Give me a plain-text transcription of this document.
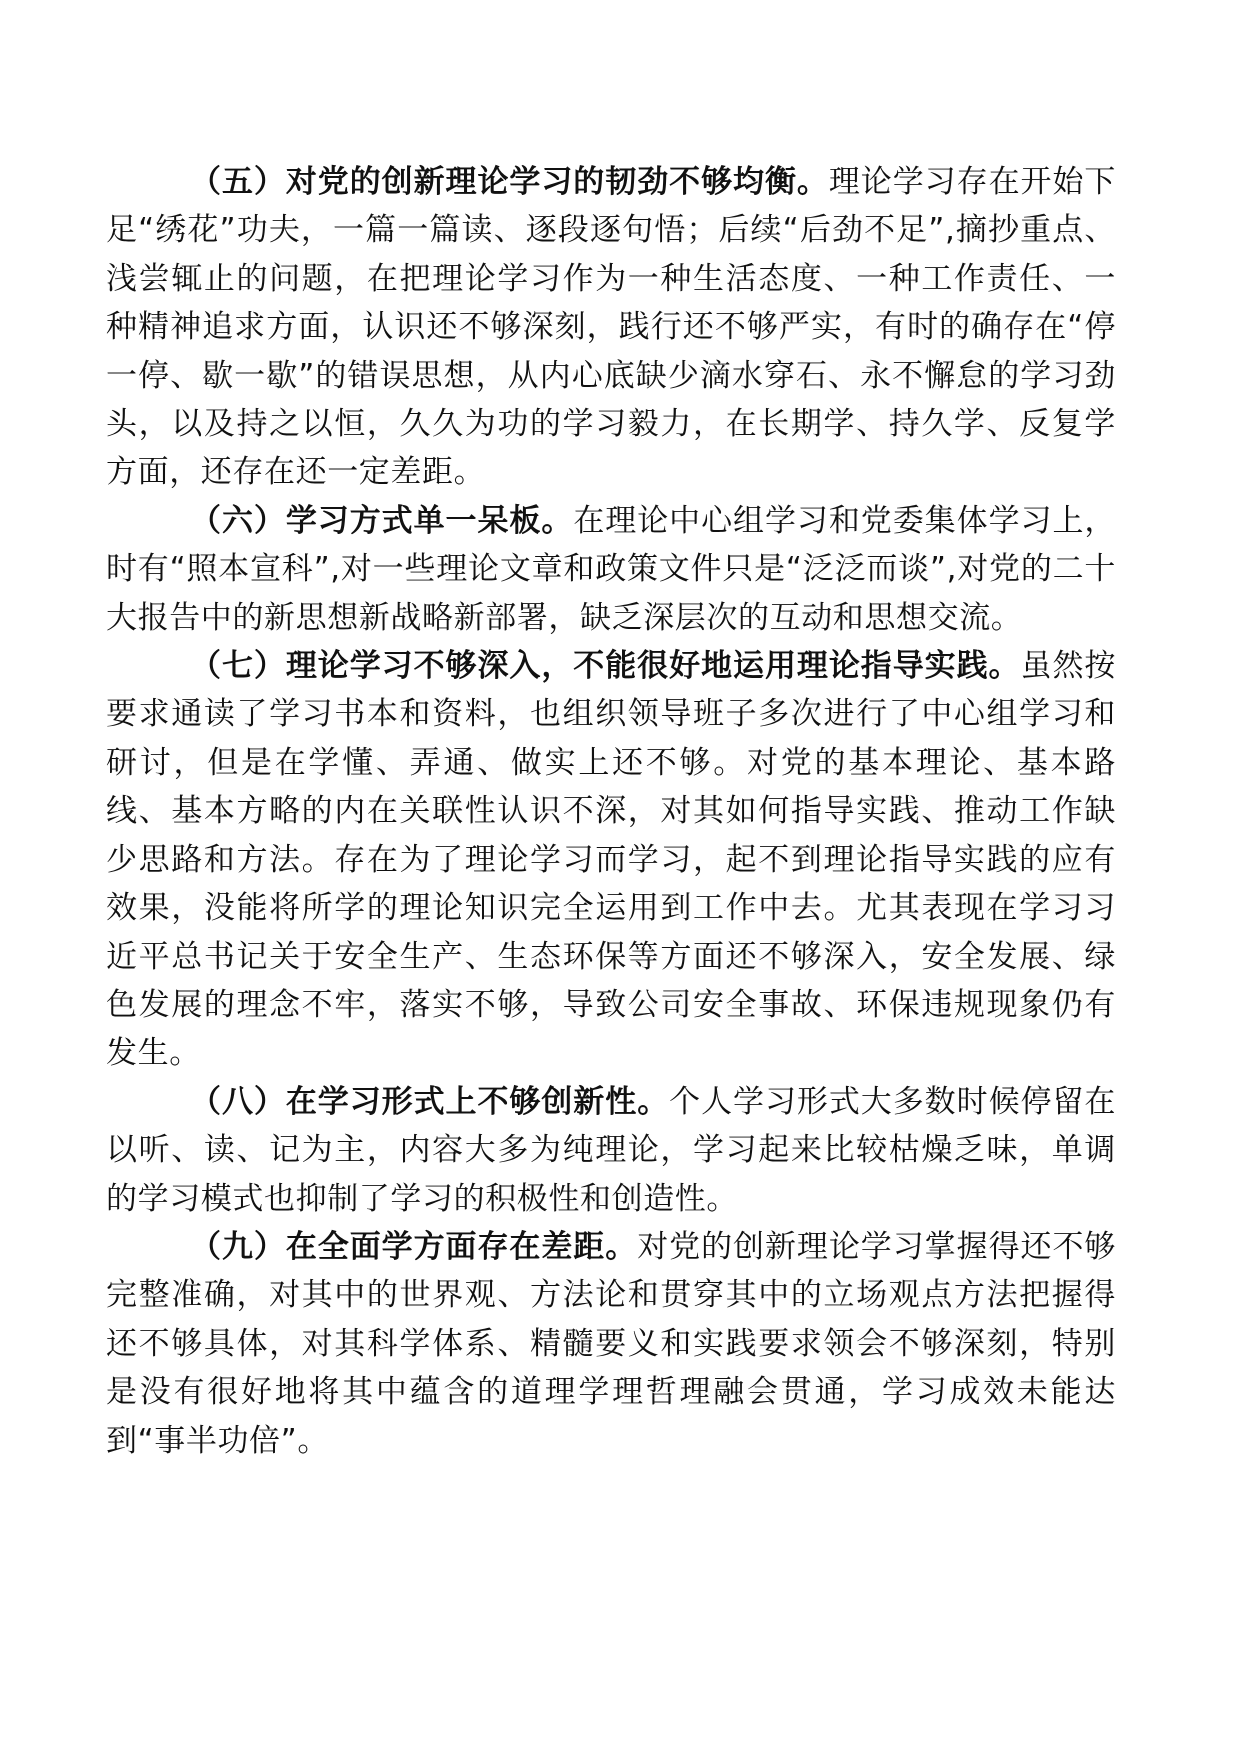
（五）对党的创新理论学习的韧劲不够均衡。理论学习存在开始下足“绣花”功夫，一篇一篇读、逐段逐句悟；后续“后劲不足”,摘抄重点、浅尝辄止的问题，在把理论学习作为一种生活态度、一种工作责任、一种精神追求方面，认识还不够深刻，践行还不够严实，有时的确存在“停一停、歇一歇”的错误思想，从内心底缺少滴水穿石、永不懈怠的学习劲头，以及持之以恒，久久为功的学习毅力，在长期学、持久学、反复学方面，还存在还一定差距。

（六）学习方式单一呆板。在理论中心组学习和党委集体学习上，时有“照本宣科”,对一些理论文章和政策文件只是“泛泛而谈”,对党的二十大报告中的新思想新战略新部署，缺乏深层次的互动和思想交流。

（七）理论学习不够深入，不能很好地运用理论指导实践。虽然按要求通读了学习书本和资料，也组织领导班子多次进行了中心组学习和研讨，但是在学懂、弄通、做实上还不够。对党的基本理论、基本路线、基本方略的内在关联性认识不深，对其如何指导实践、推动工作缺少思路和方法。存在为了理论学习而学习，起不到理论指导实践的应有效果，没能将所学的理论知识完全运用到工作中去。尤其表现在学习习近平总书记关于安全生产、生态环保等方面还不够深入，安全发展、绿色发展的理念不牢，落实不够，导致公司安全事故、环保违规现象仍有发生。

（八）在学习形式上不够创新性。个人学习形式大多数时候停留在以听、读、记为主，内容大多为纯理论，学习起来比较枯燥乏味，单调的学习模式也抑制了学习的积极性和创造性。

（九）在全面学方面存在差距。对党的创新理论学习掌握得还不够完整准确，对其中的世界观、方法论和贯穿其中的立场观点方法把握得还不够具体，对其科学体系、精髓要义和实践要求领会不够深刻，特别是没有很好地将其中蕴含的道理学理哲理融会贯通，学习成效未能达到“事半功倍”。
